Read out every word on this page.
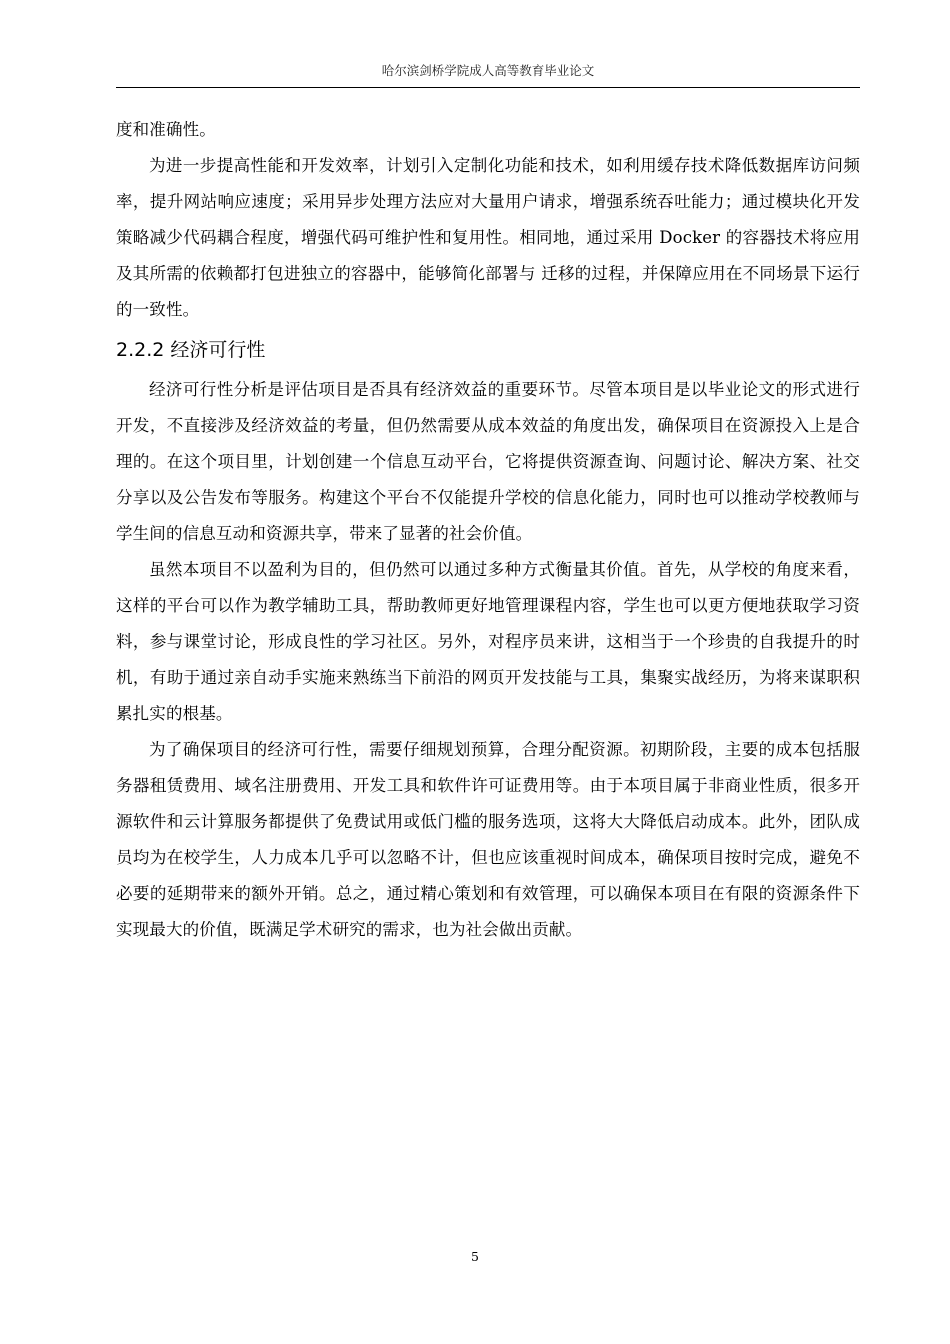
哈尔滨剑桥学院成人高等教育毕业论文

度和准确性。

为进一步提高性能和开发效率，计划引入定制化功能和技术，如利用缓存技术降低数据库访问频率，提升网站响应速度；采用异步处理方法应对大量用户请求，增强系统吞吐能力；通过模块化开发策略减少代码耦合程度，增强代码可维护性和复用性。相同地，通过采用 Docker 的容器技术将应用及其所需的依赖都打包进独立的容器中，能够简化部署与 迁移的过程，并保障应用在不同场景下运行的一致性。

2.2.2 经济可行性

经济可行性分析是评估项目是否具有经济效益的重要环节。尽管本项目是以毕业论文的形式进行开发，不直接涉及经济效益的考量，但仍然需要从成本效益的角度出发，确保项目在资源投入上是合理的。在这个项目里，计划创建一个信息互动平台，它将提供资源查询、问题讨论、解决方案、社交分享以及公告发布等服务。构建这个平台不仅能提升学校的信息化能力，同时也可以推动学校教师与学生间的信息互动和资源共享，带来了显著的社会价值。

虽然本项目不以盈利为目的，但仍然可以通过多种方式衡量其价值。首先，从学校的角度来看，这样的平台可以作为教学辅助工具，帮助教师更好地管理课程内容，学生也可以更方便地获取学习资料，参与课堂讨论，形成良性的学习社区。另外，对程序员来讲，这相当于一个珍贵的自我提升的时机，有助于通过亲自动手实施来熟练当下前沿的网页开发技能与工具，集聚实战经历，为将来谋职积累扎实的根基。

为了确保项目的经济可行性，需要仔细规划预算，合理分配资源。初期阶段，主要的成本包括服务器租赁费用、域名注册费用、开发工具和软件许可证费用等。由于本项目属于非商业性质，很多开源软件和云计算服务都提供了免费试用或低门槛的服务选项，这将大大降低启动成本。此外，团队成员均为在校学生，人力成本几乎可以忽略不计，但也应该重视时间成本，确保项目按时完成，避免不必要的延期带来的额外开销。总之，通过精心策划和有效管理，可以确保本项目在有限的资源条件下实现最大的价值，既满足学术研究的需求，也为社会做出贡献。

5
